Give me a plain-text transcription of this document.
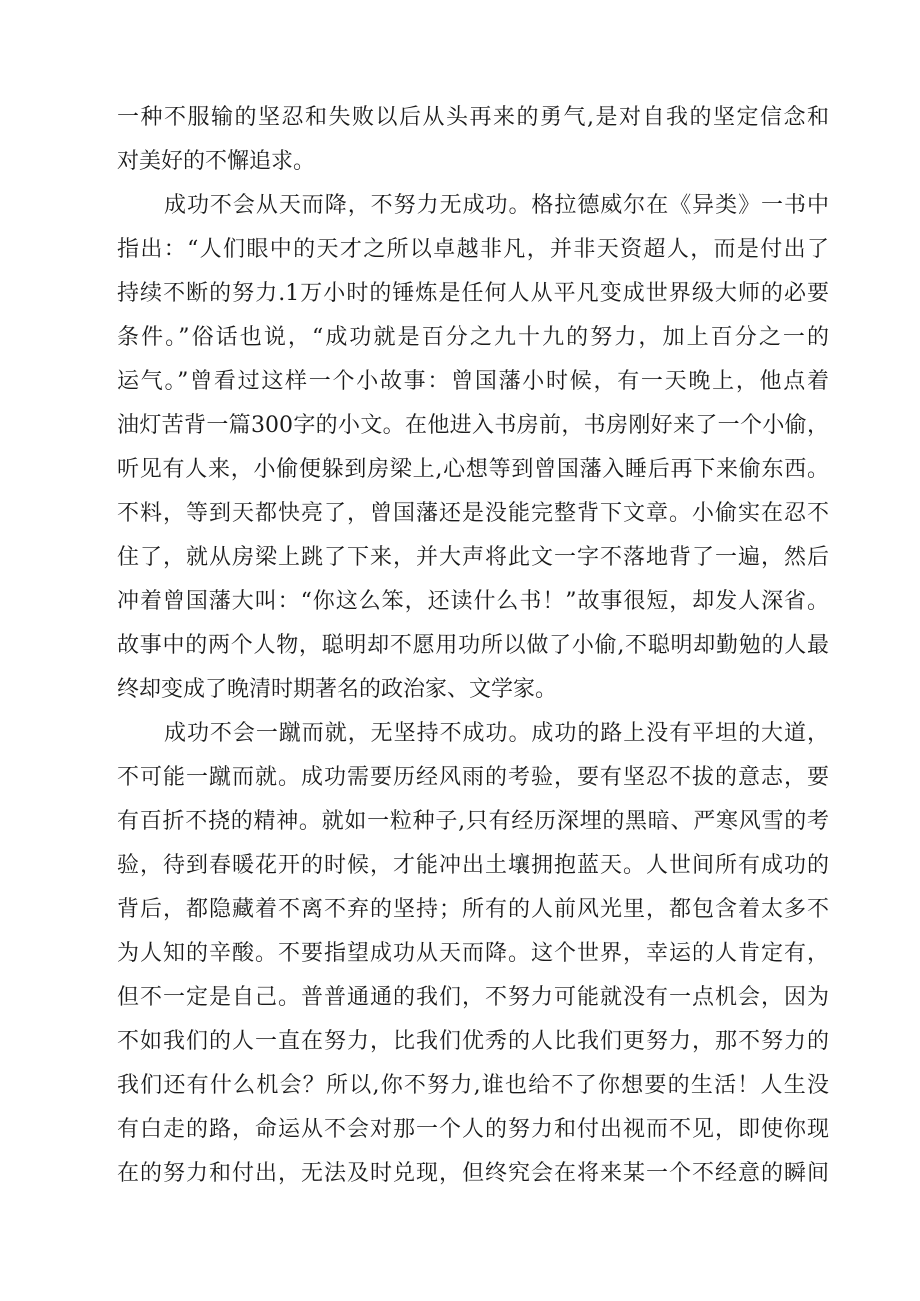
一种不服输的坚忍和失败以后从头再来的勇气,是对自我的坚定信念和
对美好的不懈追求。
成功不会从天而降，不努力无成功。格拉德威尔在《异类》一书中
指出：“人们眼中的天才之所以卓越非凡，并非天资超人，而是付出了
持续不断的努力.1万小时的锤炼是任何人从平凡变成世界级大师的必要
条件。”俗话也说，“成功就是百分之九十九的努力，加上百分之一的
运气。”曾看过这样一个小故事：曾国藩小时候，有一天晚上，他点着
油灯苦背一篇300字的小文。在他进入书房前，书房刚好来了一个小偷，
听见有人来，小偷便躲到房梁上,心想等到曾国藩入睡后再下来偷东西。
不料，等到天都快亮了，曾国藩还是没能完整背下文章。小偷实在忍不
住了，就从房梁上跳了下来，并大声将此文一字不落地背了一遍，然后
冲着曾国藩大叫：“你这么笨，还读什么书！”故事很短，却发人深省。
故事中的两个人物，聪明却不愿用功所以做了小偷,不聪明却勤勉的人最
终却变成了晚清时期著名的政治家、文学家。
成功不会一蹴而就，无坚持不成功。成功的路上没有平坦的大道，
不可能一蹴而就。成功需要历经风雨的考验，要有坚忍不拔的意志，要
有百折不挠的精神。就如一粒种子,只有经历深埋的黑暗、严寒风雪的考
验，待到春暖花开的时候，才能冲出土壤拥抱蓝天。人世间所有成功的
背后，都隐藏着不离不弃的坚持；所有的人前风光里，都包含着太多不
为人知的辛酸。不要指望成功从天而降。这个世界，幸运的人肯定有，
但不一定是自己。普普通通的我们，不努力可能就没有一点机会，因为
不如我们的人一直在努力，比我们优秀的人比我们更努力，那不努力的
我们还有什么机会？所以,你不努力,谁也给不了你想要的生活！人生没
有白走的路，命运从不会对那一个人的努力和付出视而不见，即使你现
在的努力和付出，无法及时兑现，但终究会在将来某一个不经意的瞬间
